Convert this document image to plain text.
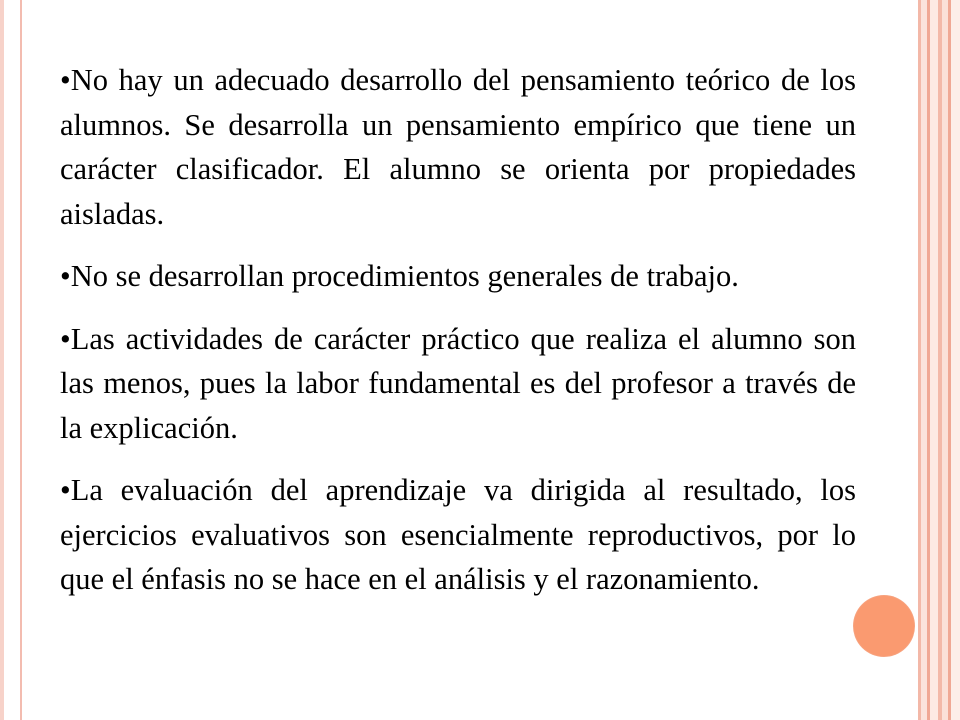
•No hay un adecuado desarrollo del pensamiento teórico de los alumnos. Se desarrolla un pensamiento empírico que tiene un carácter clasificador. El alumno se orienta por propiedades aisladas.

•No se desarrollan procedimientos generales de trabajo.

•Las actividades de carácter práctico que realiza el alumno son las menos, pues la labor fundamental es del profesor a través de la explicación.

•La evaluación del aprendizaje va dirigida al resultado, los ejercicios evaluativos son esencialmente reproductivos, por lo que el énfasis no se hace en el análisis y el razonamiento.
